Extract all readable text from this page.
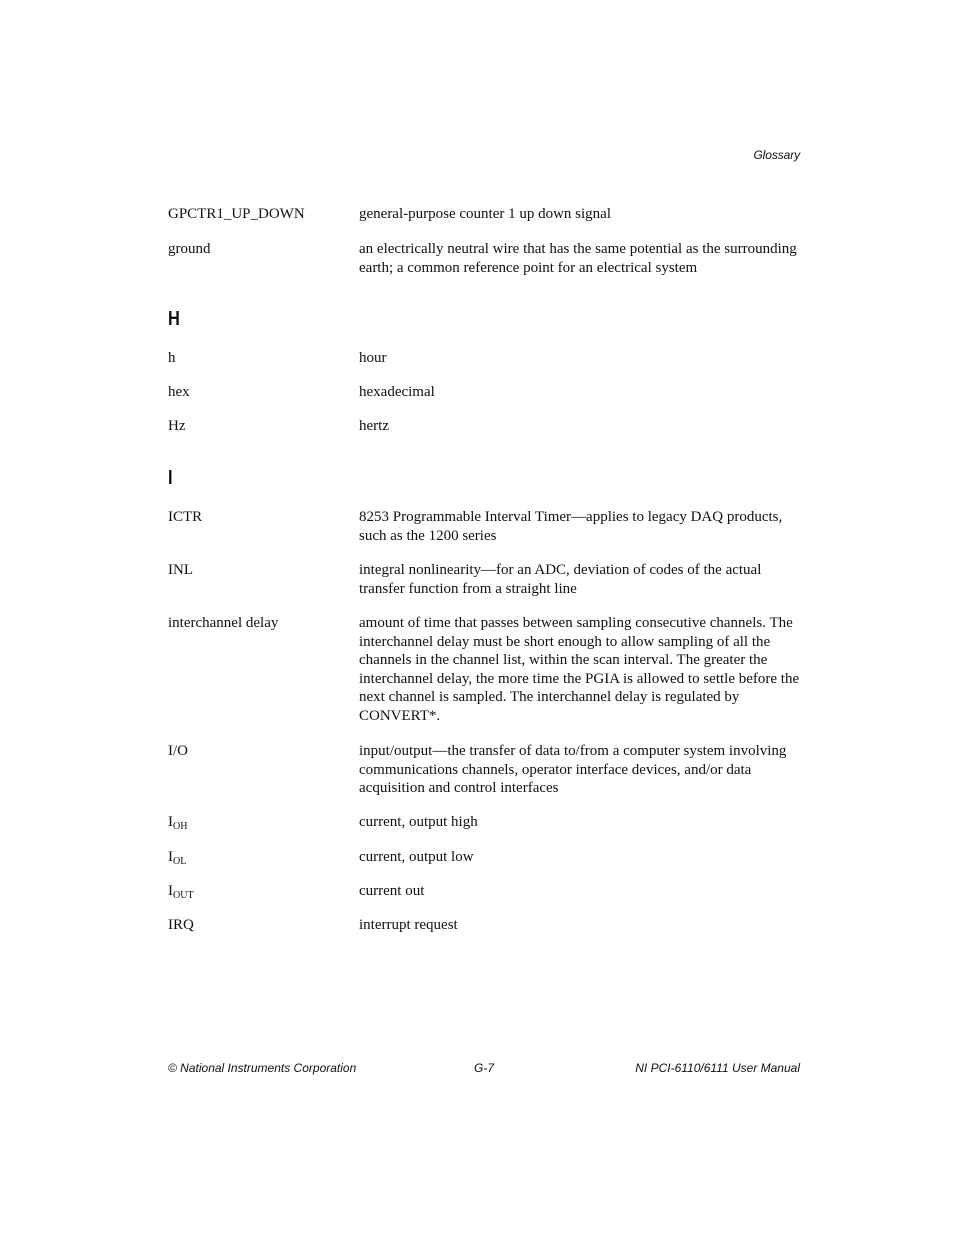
Glossary
GPCTR1_UP_DOWN	general-purpose counter 1 up down signal
ground	an electrically neutral wire that has the same potential as the surrounding earth; a common reference point for an electrical system
H
h	hour
hex	hexadecimal
Hz	hertz
I
ICTR	8253 Programmable Interval Timer—applies to legacy DAQ products, such as the 1200 series
INL	integral nonlinearity—for an ADC, deviation of codes of the actual transfer function from a straight line
interchannel delay	amount of time that passes between sampling consecutive channels. The interchannel delay must be short enough to allow sampling of all the channels in the channel list, within the scan interval. The greater the interchannel delay, the more time the PGIA is allowed to settle before the next channel is sampled. The interchannel delay is regulated by CONVERT*.
I/O	input/output—the transfer of data to/from a computer system involving communications channels, operator interface devices, and/or data acquisition and control interfaces
$I_{OH}$	current, output high
$I_{OL}$	current, output low
$I_{OUT}$	current out
IRQ	interrupt request
© National Instruments Corporation	G-7	NI PCI-6110/6111 User Manual
